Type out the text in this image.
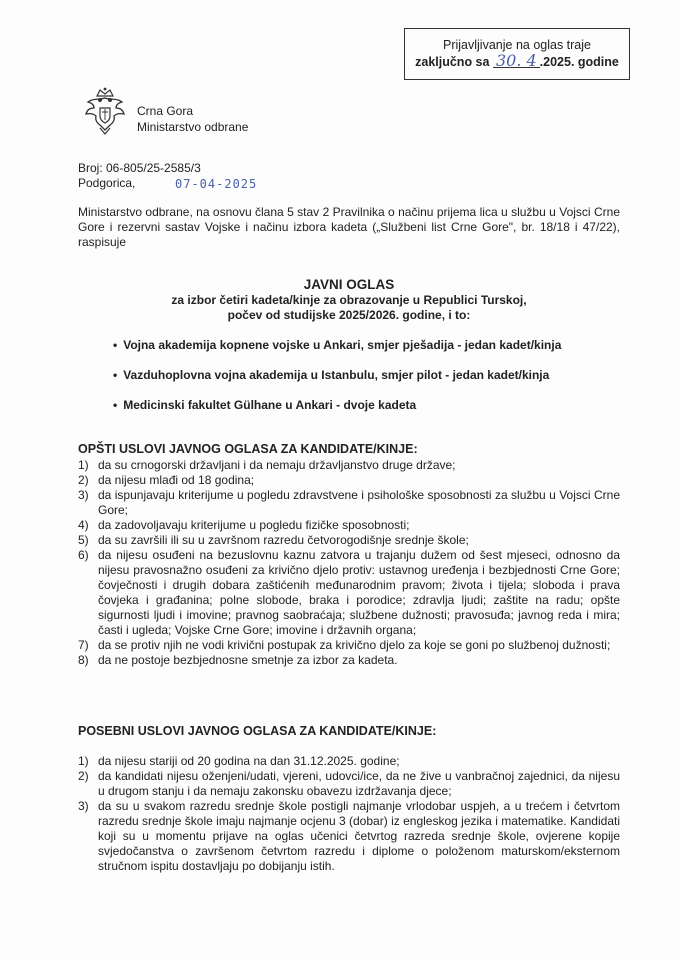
Prijavljivanje na oglas traje
zaključno sa 30. 4 .2025. godine
Crna Gora
Ministarstvo odbrane
Broj: 06-805/25-2585/3
Podgorica,	07-04-2025
Ministarstvo odbrane, na osnovu člana 5 stav 2 Pravilnika o načinu prijema lica u službu u Vojsci Crne Gore i rezervni sastav Vojske i načinu izbora kadeta („Službeni list Crne Gore", br. 18/18 i 47/22), raspisuje
JAVNI OGLAS
za izbor četiri kadeta/kinje za obrazovanje u Republici Turskoj,
počev od studijske 2025/2026. godine, i to:
• Vojna akademija kopnene vojske u Ankari, smjer pješadija - jedan kadet/kinja
• Vazduhoplovna vojna akademija u Istanbulu, smjer pilot - jedan kadet/kinja
• Medicinski fakultet Gülhane u Ankari - dvoje kadeta
OPŠTI USLOVI JAVNOG OGLASA ZA KANDIDATE/KINJE:
1) da su crnogorski državljani i da nemaju državljanstvo druge države;
2) da nijesu mlađi od 18 godina;
3) da ispunjavaju kriterijume u pogledu zdravstvene i psihološke sposobnosti za službu u Vojsci Crne Gore;
4) da zadovoljavaju kriterijume u pogledu fizičke sposobnosti;
5) da su završili ili su u završnom razredu četvorogodišnje srednje škole;
6) da nijesu osuđeni na bezuslovnu kaznu zatvora u trajanju dužem od šest mjeseci, odnosno da nijesu pravosnažno osuđeni za krivično djelo protiv: ustavnog uređenja i bezbjednosti Crne Gore; čovječnosti i drugih dobara zaštićenih međunarodnim pravom; života i tijela; sloboda i prava čovjeka i građanina; polne slobode, braka i porodice; zdravlja ljudi; zaštite na radu; opšte sigurnosti ljudi i imovine; pravnog saobraćaja; službene dužnosti; pravosuđa; javnog reda i mira; časti i ugleda; Vojske Crne Gore; imovine i državnih organa;
7) da se protiv njih ne vodi krivični postupak za krivično djelo za koje se goni po službenoj dužnosti;
8) da ne postoje bezbjednosne smetnje za izbor za kadeta.
POSEBNI USLOVI JAVNOG OGLASA ZA KANDIDATE/KINJE:
1) da nijesu stariji od 20 godina na dan 31.12.2025. godine;
2) da kandidati nijesu oženjeni/udati, vjereni, udovci/ice, da ne žive u vanbračnoj zajednici, da nijesu u drugom stanju i da nemaju zakonsku obavezu izdržavanja djece;
3) da su u svakom razredu srednje škole postigli najmanje vrlodobar uspjeh, a u trećem i četvrtom razredu srednje škole imaju najmanje ocjenu 3 (dobar) iz engleskog jezika i matematike. Kandidati koji su u momentu prijave na oglas učenici četvrtog razreda srednje škole, ovjerene kopije svjedočanstva o završenom četvrtom razredu i diplome o položenom maturskom/eksternom stručnom ispitu dostavljaju po dobijanju istih.
